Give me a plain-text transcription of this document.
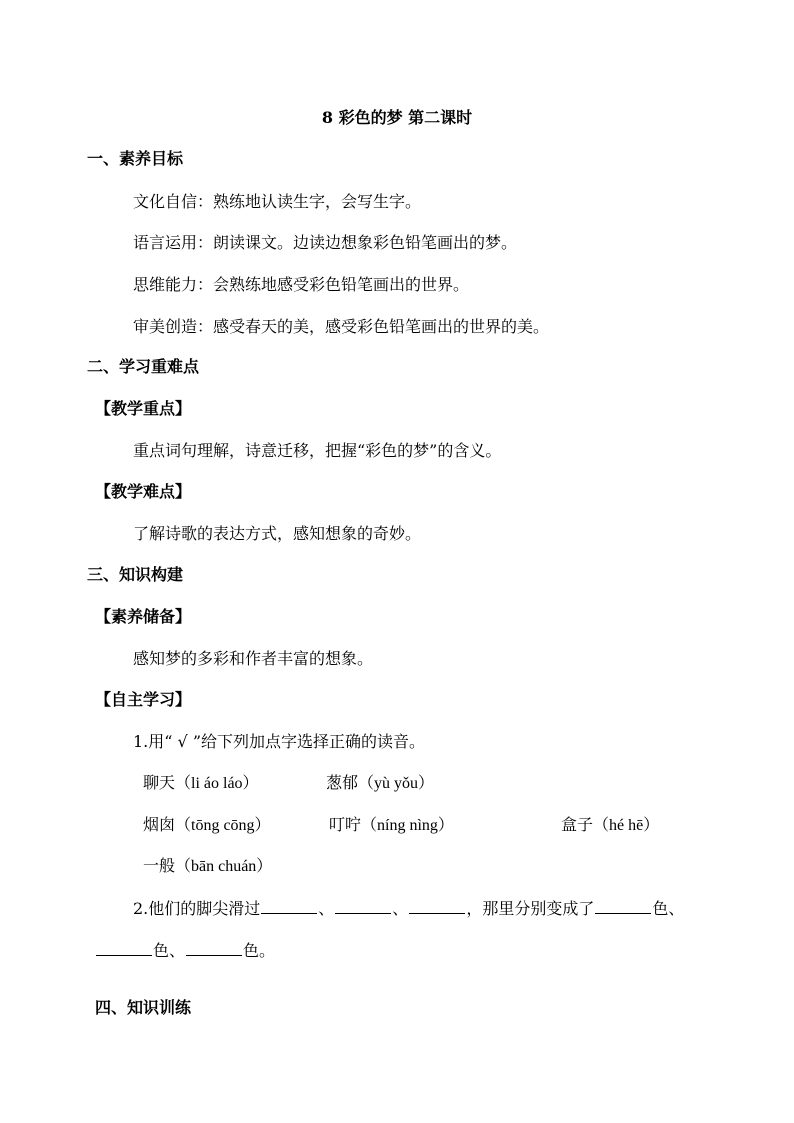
8 彩色的梦 第二课时
一、素养目标
文化自信：熟练地认读生字，会写生字。
语言运用：朗读课文。边读边想象彩色铅笔画出的梦。
思维能力：会熟练地感受彩色铅笔画出的世界。
审美创造：感受春天的美，感受彩色铅笔画出的世界的美。
二、学习重难点
【教学重点】
重点词句理解，诗意迁移，把握“彩色的梦”的含义。
【教学难点】
了解诗歌的表达方式，感知想象的奇妙。
三、知识构建
【素养储备】
感知梦的多彩和作者丰富的想象。
【自主学习】
1.用“ √ ”给下列加点字选择正确的读音。
聊天（li áo láo）	葱郁（yù yǒu）
烟囱（tōng cōng）	叮咛（níng nìng）	盒子（hé hē）
一般（bān chuán）
2.他们的脚尖滑过	、	、	，那里分别变成了	色、
色、	色。
四、知识训练
